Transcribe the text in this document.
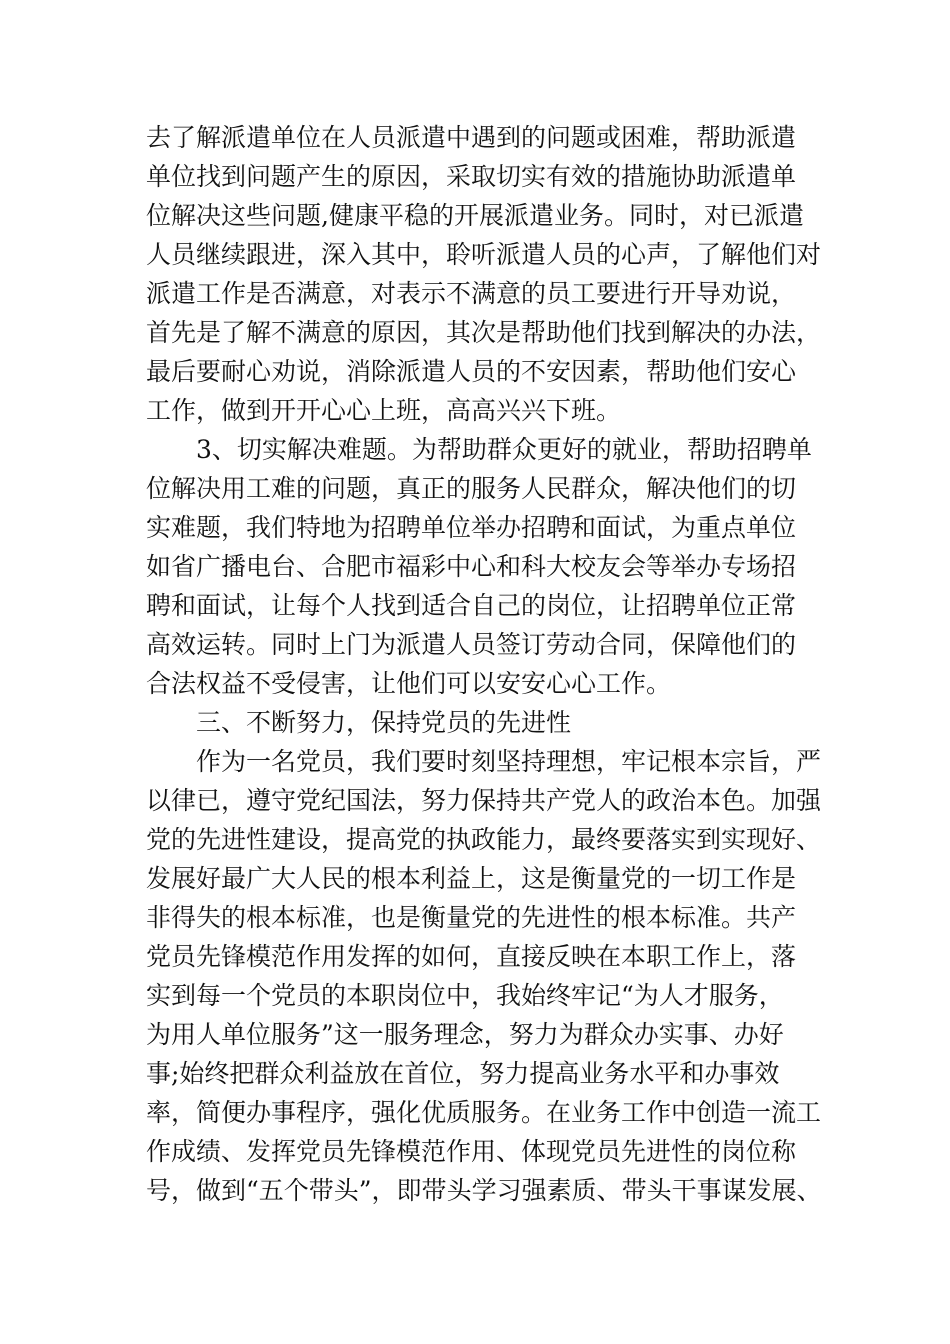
去了解派遣单位在人员派遣中遇到的问题或困难，帮助派遣
单位找到问题产生的原因，采取切实有效的措施协助派遣单
位解决这些问题,健康平稳的开展派遣业务。同时，对已派遣
人员继续跟进，深入其中，聆听派遣人员的心声，了解他们对
派遣工作是否满意，对表示不满意的员工要进行开导劝说，
首先是了解不满意的原因，其次是帮助他们找到解决的办法，
最后要耐心劝说，消除派遣人员的不安因素，帮助他们安心
工作，做到开开心心上班，高高兴兴下班。
3、切实解决难题。为帮助群众更好的就业，帮助招聘单
位解决用工难的问题，真正的服务人民群众，解决他们的切
实难题，我们特地为招聘单位举办招聘和面试，为重点单位
如省广播电台、合肥市福彩中心和科大校友会等举办专场招
聘和面试，让每个人找到适合自己的岗位，让招聘单位正常
高效运转。同时上门为派遣人员签订劳动合同，保障他们的
合法权益不受侵害，让他们可以安安心心工作。
三、不断努力，保持党员的先进性
作为一名党员，我们要时刻坚持理想，牢记根本宗旨，严
以律已，遵守党纪国法，努力保持共产党人的政治本色。加强
党的先进性建设，提高党的执政能力，最终要落实到实现好、
发展好最广大人民的根本利益上，这是衡量党的一切工作是
非得失的根本标准，也是衡量党的先进性的根本标准。共产
党员先锋模范作用发挥的如何，直接反映在本职工作上，落
实到每一个党员的本职岗位中，我始终牢记“为人才服务，
为用人单位服务”这一服务理念，努力为群众办实事、办好
事;始终把群众利益放在首位，努力提高业务水平和办事效
率，简便办事程序，强化优质服务。在业务工作中创造一流工
作成绩、发挥党员先锋模范作用、体现党员先进性的岗位称
号，做到“五个带头”，即带头学习强素质、带头干事谋发展、
